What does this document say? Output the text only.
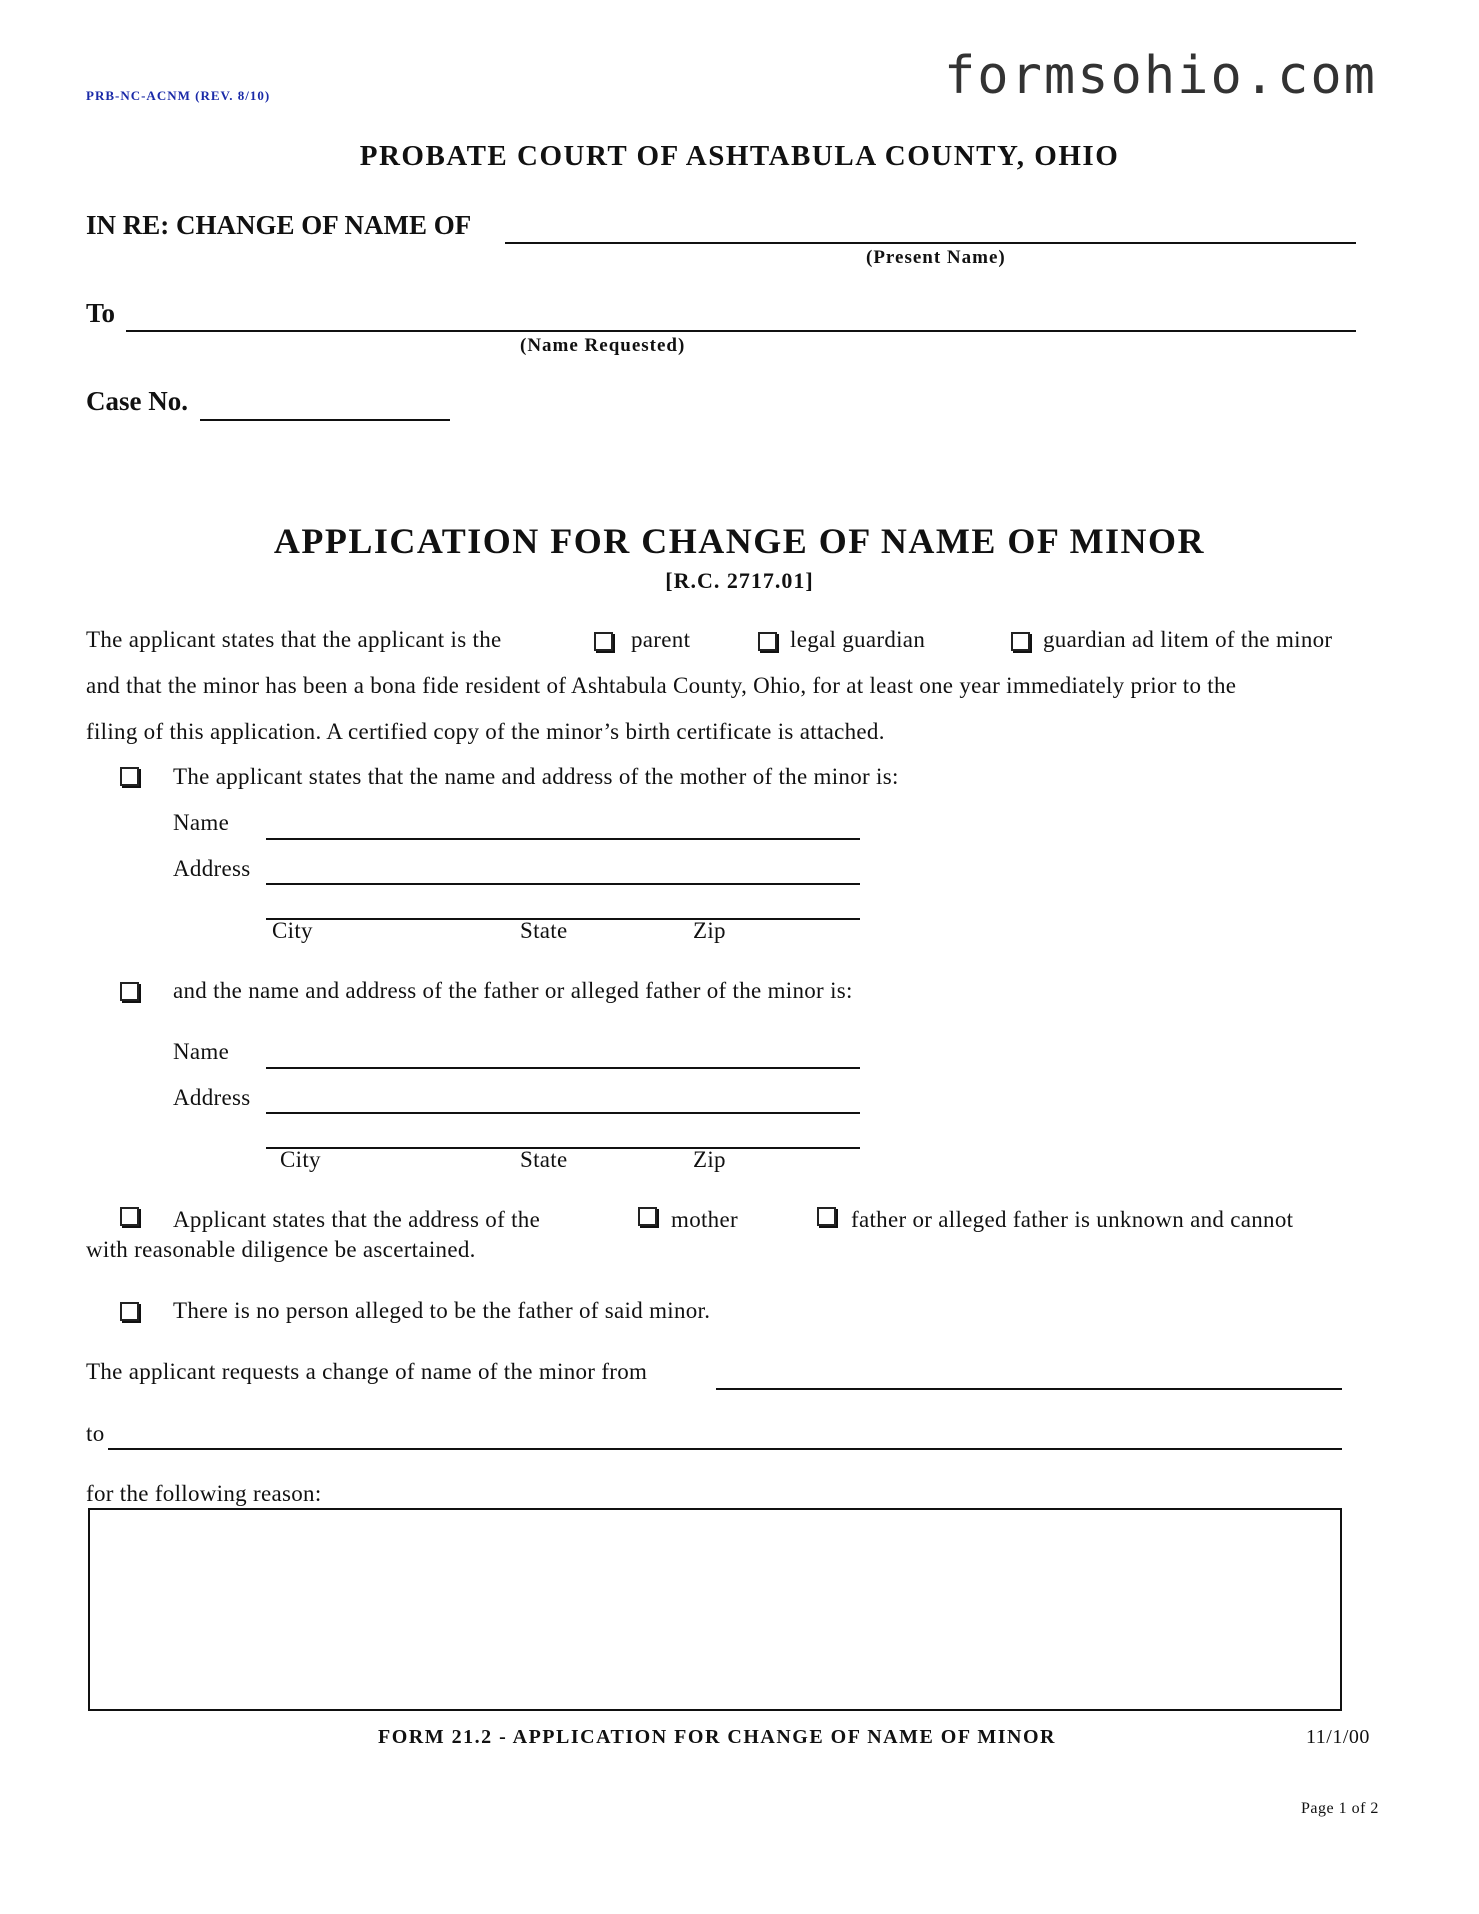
PRB-NC-ACNM (REV. 8/10)	formsohio.com
PROBATE COURT OF ASHTABULA COUNTY, OHIO
IN RE: CHANGE OF NAME OF
(Present Name)
To
(Name Requested)
Case No.
APPLICATION FOR CHANGE OF NAME OF MINOR
[R.C. 2717.01]
The applicant states that the applicant is the	parent	legal guardian	guardian ad litem of the minor
and that the minor has been a bona fide resident of Ashtabula County, Ohio, for at least one year immediately prior to the
filing of this application. A certified copy of the minor’s birth certificate is attached.
The applicant states that the name and address of the mother of the minor is:
Name
Address
City	State	Zip
and the name and address of the father or alleged father of the minor is:
Name
Address
City	State	Zip
Applicant states that the address of the	mother	father or alleged father is unknown and cannot
with reasonable diligence be ascertained.
There is no person alleged to be the father of said minor.
The applicant requests a change of name of the minor from
to
for the following reason:
FORM 21.2 - APPLICATION FOR CHANGE OF NAME OF MINOR	11/1/00
Page 1 of 2
